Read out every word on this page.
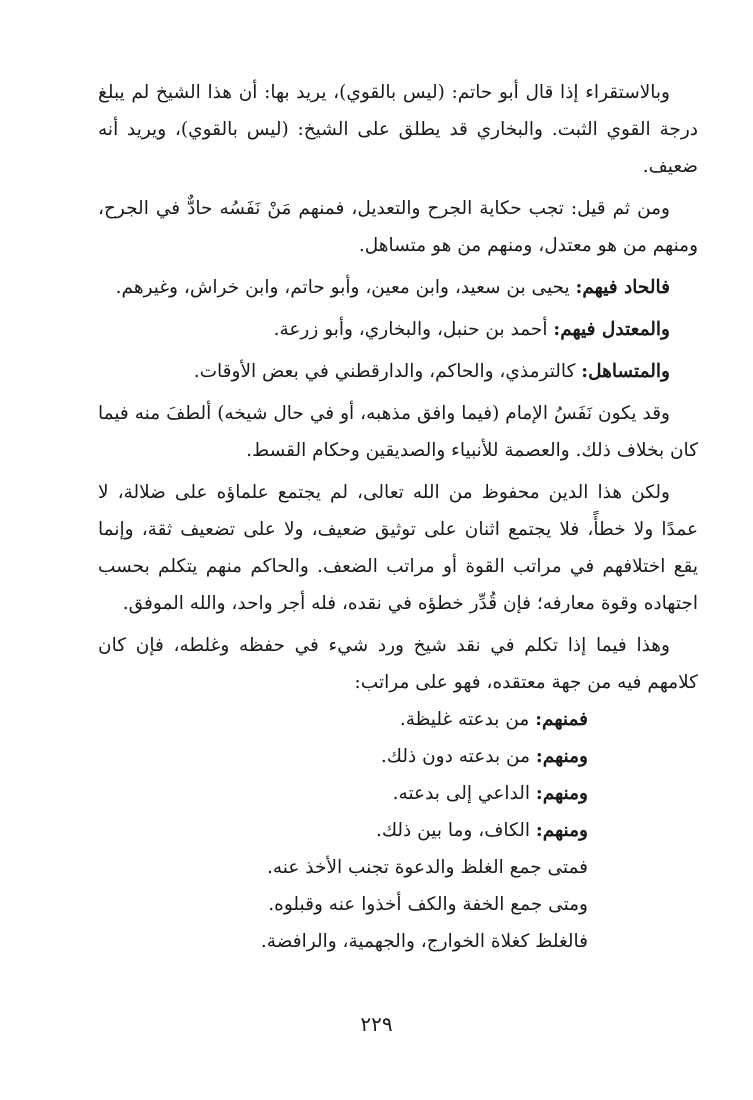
وبالاستقراء إذا قال أبو حاتم: (ليس بالقوي)، يريد بها: أن هذا الشيخ لم يبلغ درجة القوي الثبت. والبخاري قد يطلق على الشيخ: (ليس بالقوي)، ويريد أنه ضعيف.

ومن ثم قيل: تجب حكاية الجرح والتعديل، فمنهم مَنْ نَفَسُه حادٌّ في الجرح، ومنهم من هو معتدل، ومنهم من هو متساهل.

فالحاد فيهم: يحيى بن سعيد، وابن معين، وأبو حاتم، وابن خراش، وغيرهم.

والمعتدل فيهم: أحمد بن حنبل، والبخاري، وأبو زرعة.

والمتساهل: كالترمذي، والحاكم، والدارقطني في بعض الأوقات.

وقد يكون نَفَسُ الإمام (فيما وافق مذهبه، أو في حال شيخه) ألطفَ منه فيما كان بخلاف ذلك. والعصمة للأنبياء والصديقين وحكام القسط.

ولكن هذا الدين محفوظ من الله تعالى، لم يجتمع علماؤه على ضلالة، لا عمدًا ولا خطأً، فلا يجتمع اثنان على توثيق ضعيف، ولا على تضعيف ثقة، وإنما يقع اختلافهم في مراتب القوة أو مراتب الضعف. والحاكم منهم يتكلم بحسب اجتهاده وقوة معارفه؛ فإن قُدِّر خطؤه في نقده، فله أجر واحد، والله الموفق.

وهذا فيما إذا تكلم في نقد شيخ ورد شيء في حفظه وغلطه، فإن كان كلامهم فيه من جهة معتقده، فهو على مراتب:

فمنهم: من بدعته غليظة.
ومنهم: من بدعته دون ذلك.
ومنهم: الداعي إلى بدعته.
ومنهم: الكاف، وما بين ذلك.

فمتى جمع الغلظ والدعوة تجنب الأخذ عنه.

ومتى جمع الخفة والكف أخذوا عنه وقبلوه.

فالغلظ كغلاة الخوارج، والجهمية، والرافضة.

٢٢٩
